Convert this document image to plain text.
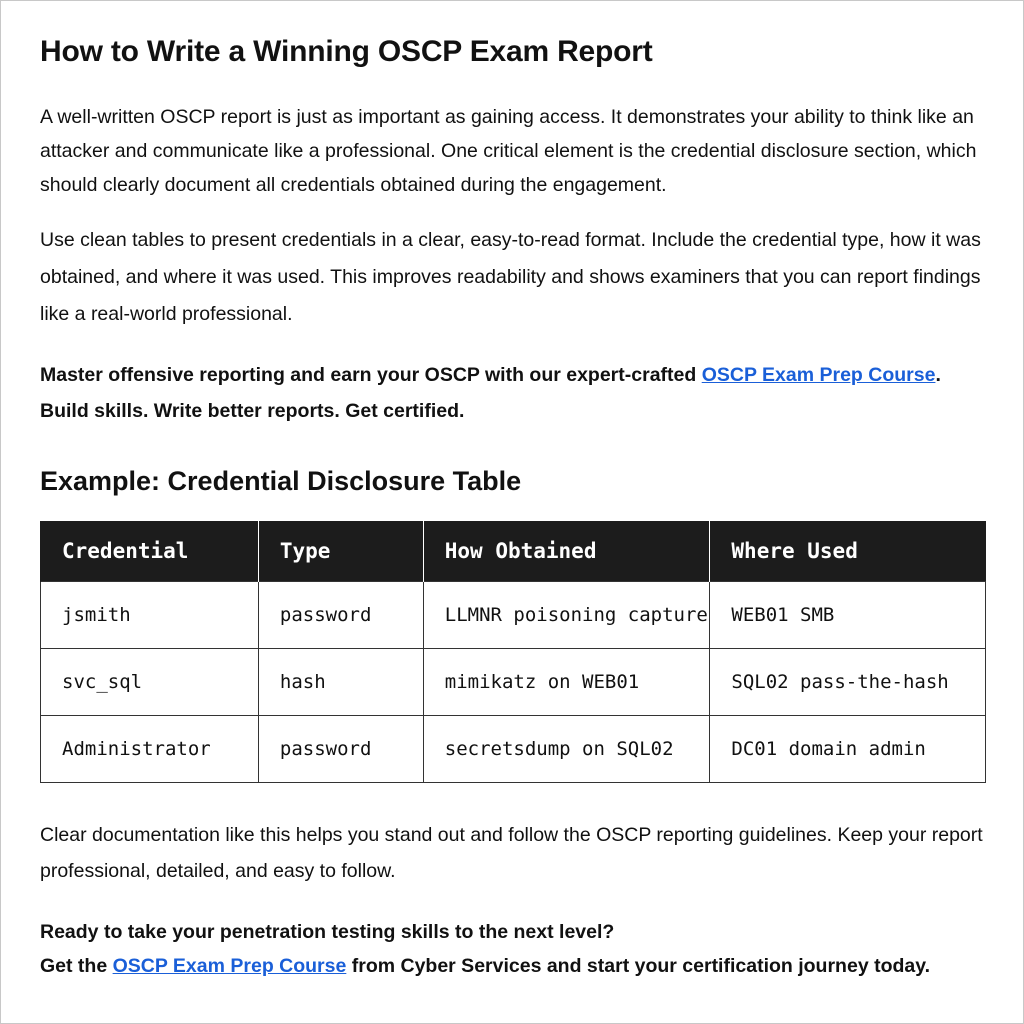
How to Write a Winning OSCP Exam Report

A well-written OSCP report is just as important as gaining access. It demonstrates your ability to think like an attacker and communicate like a professional. One critical element is the credential disclosure section, which should clearly document all credentials obtained during the engagement.

Use clean tables to present credentials in a clear, easy-to-read format. Include the credential type, how it was obtained, and where it was used. This improves readability and shows examiners that you can report findings like a real-world professional.

Master offensive reporting and earn your OSCP with our expert-crafted OSCP Exam Prep Course.
Build skills. Write better reports. Get certified.

Example: Credential Disclosure Table
Credential	Type	How Obtained	Where Used
jsmith	password	LLMNR poisoning capture	WEB01 SMB
svc_sql	hash	mimikatz on WEB01	SQL02 pass-the-hash
Administrator	password	secretsdump on SQL02	DC01 domain admin

Clear documentation like this helps you stand out and follow the OSCP reporting guidelines. Keep your report professional, detailed, and easy to follow.

Ready to take your penetration testing skills to the next level?
Get the OSCP Exam Prep Course from Cyber Services and start your certification journey today.
